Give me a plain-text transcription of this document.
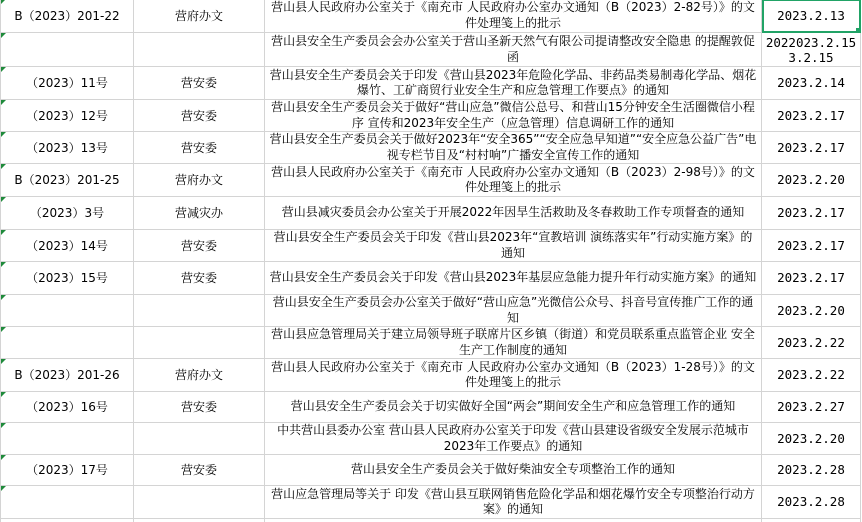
B（2023）201-22	营府办文	营山县人民政府办公室关于《南充市 人民政府办公室办文通知（B（2023）2-82号）》的文件处理笺上的批示	2023.2.13

		营山县安全生产委员会会办公室关于营山圣新天然气有限公司提请整改安全隐患 的提醒敦促函	2022023.2.15 3.2.15

（2023）11号	营安委	营山县安全生产委员会关于印发《营山县2023年危险化学品、非药品类易制毒化学品、烟花爆竹、工矿商贸行业安全生产和应急管理工作要点》的通知	2023.2.14

（2023）12号	营安委	营山县安全生产委员会关于做好“营山应急”微信公总号、和营山15分钟安全生活圈微信小程序 宣传和2023年安全生产（应急管理）信息调研工作的通知	2023.2.17

（2023）13号	营安委	营山县安全生产委员会关于做好2023年“安全365”“安全应急早知道”“安全应急公益广告”电视专栏节目及“村村响”广播安全宣传工作的通知	2023.2.17

B（2023）201-25	营府办文	营山县人民政府办公室关于《南充市 人民政府办公室办文通知（B（2023）2-98号）》的文件处理笺上的批示	2023.2.20

（2023）3号	营减灾办	营山县减灾委员会办公室关于开展2022年因旱生活救助及冬春救助工作专项督查的通知	2023.2.17

（2023）14号	营安委	营山县安全生产委员会关于印发《营山县2023年“宣教培训 演练落实年”行动实施方案》的通知	2023.2.17

（2023）15号	营安委	营山县安全生产委员会关于印发《营山县2023年基层应急能力提升年行动实施方案》的通知	2023.2.17

		营山县安全生产委员会办公室关于做好“营山应急”光微信公众号、抖音号宣传推广工作的通知	2023.2.20

		营山县应急管理局关于建立局领导班子联席片区乡镇（街道）和党员联系重点监管企业 安全生产工作制度的通知	2023.2.22

B（2023）201-26	营府办文	营山县人民政府办公室关于《南充市 人民政府办公室办文通知（B（2023）1-28号）》的文件处理笺上的批示	2023.2.22

（2023）16号	营安委	营山县安全生产委员会关于切实做好全国“两会”期间安全生产和应急管理工作的通知	2023.2.27

		中共营山县委办公室 营山县人民政府办公室关于印发《营山县建设省级安全发展示范城市2023年工作要点》的通知	2023.2.20

（2023）17号	营安委	营山县安全生产委员会关于做好柴油安全专项整治工作的通知	2023.2.28

		营山应急管理局等关于 印发《营山县互联网销售危险化学品和烟花爆竹安全专项整治行动方案》的通知	2023.2.28
